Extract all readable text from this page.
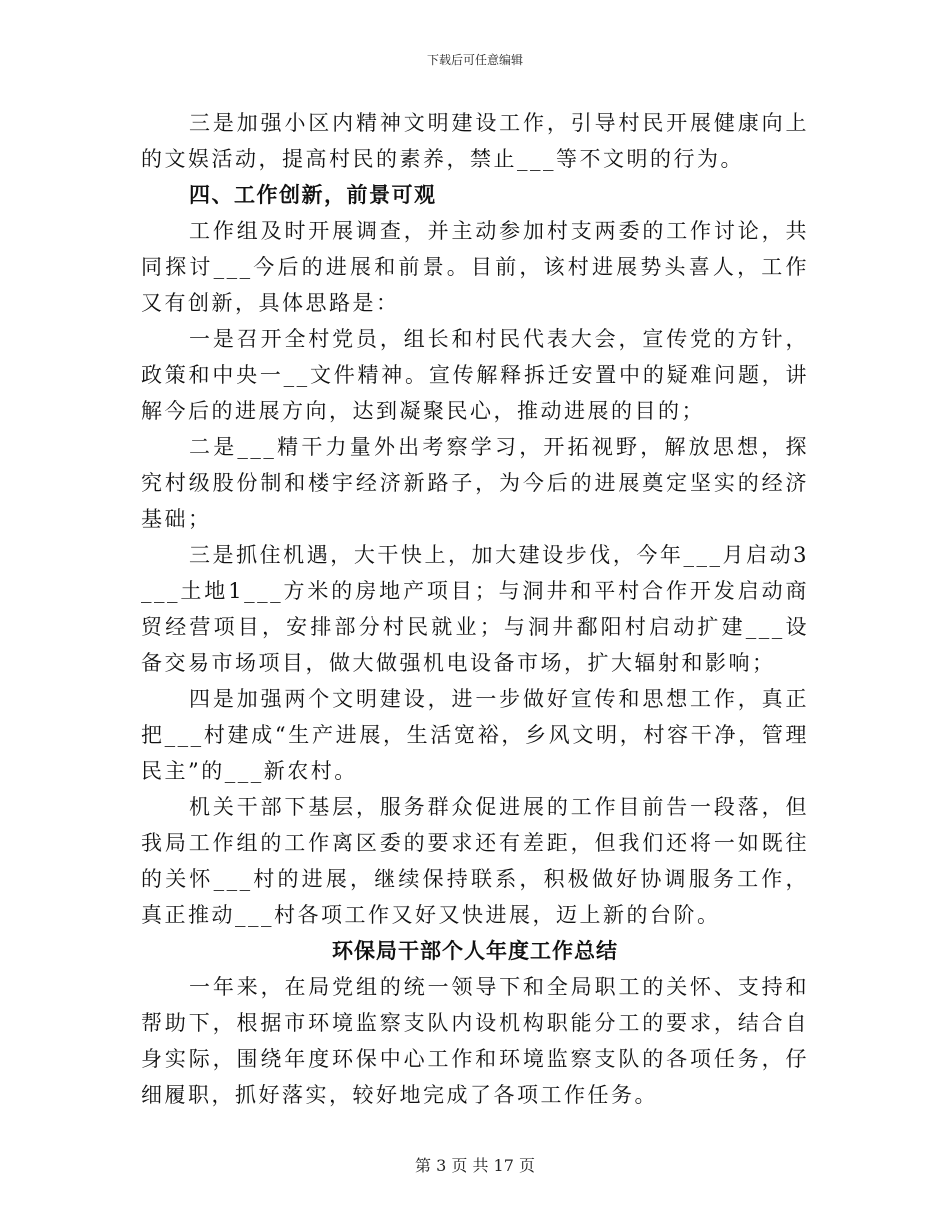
下载后可任意编辑

三是加强小区内精神文明建设工作，引导村民开展健康向上的文娱活动，提高村民的素养，禁止___等不文明的行为。

四、工作创新，前景可观

工作组及时开展调查，并主动参加村支两委的工作讨论，共同探讨___今后的进展和前景。目前，该村进展势头喜人，工作又有创新，具体思路是：

一是召开全村党员，组长和村民代表大会，宣传党的方针，政策和中央一__文件精神。宣传解释拆迁安置中的疑难问题，讲解今后的进展方向，达到凝聚民心，推动进展的目的；

二是___精干力量外出考察学习，开拓视野，解放思想，探究村级股份制和楼宇经济新路子，为今后的进展奠定坚实的经济基础；

三是抓住机遇，大干快上，加大建设步伐，今年___月启动3___土地1___方米的房地产项目；与洞井和平村合作开发启动商贸经营项目，安排部分村民就业；与洞井鄱阳村启动扩建___设备交易市场项目，做大做强机电设备市场，扩大辐射和影响；

四是加强两个文明建设，进一步做好宣传和思想工作，真正把___村建成“生产进展，生活宽裕，乡风文明，村容干净，管理民主”的___新农村。

机关干部下基层，服务群众促进展的工作目前告一段落，但我局工作组的工作离区委的要求还有差距，但我们还将一如既往的关怀___村的进展，继续保持联系，积极做好协调服务工作，真正推动___村各项工作又好又快进展，迈上新的台阶。

环保局干部个人年度工作总结

一年来，在局党组的统一领导下和全局职工的关怀、支持和帮助下，根据市环境监察支队内设机构职能分工的要求，结合自身实际，围绕年度环保中心工作和环境监察支队的各项任务，仔细履职，抓好落实，较好地完成了各项工作任务。

第 3 页 共 17 页
